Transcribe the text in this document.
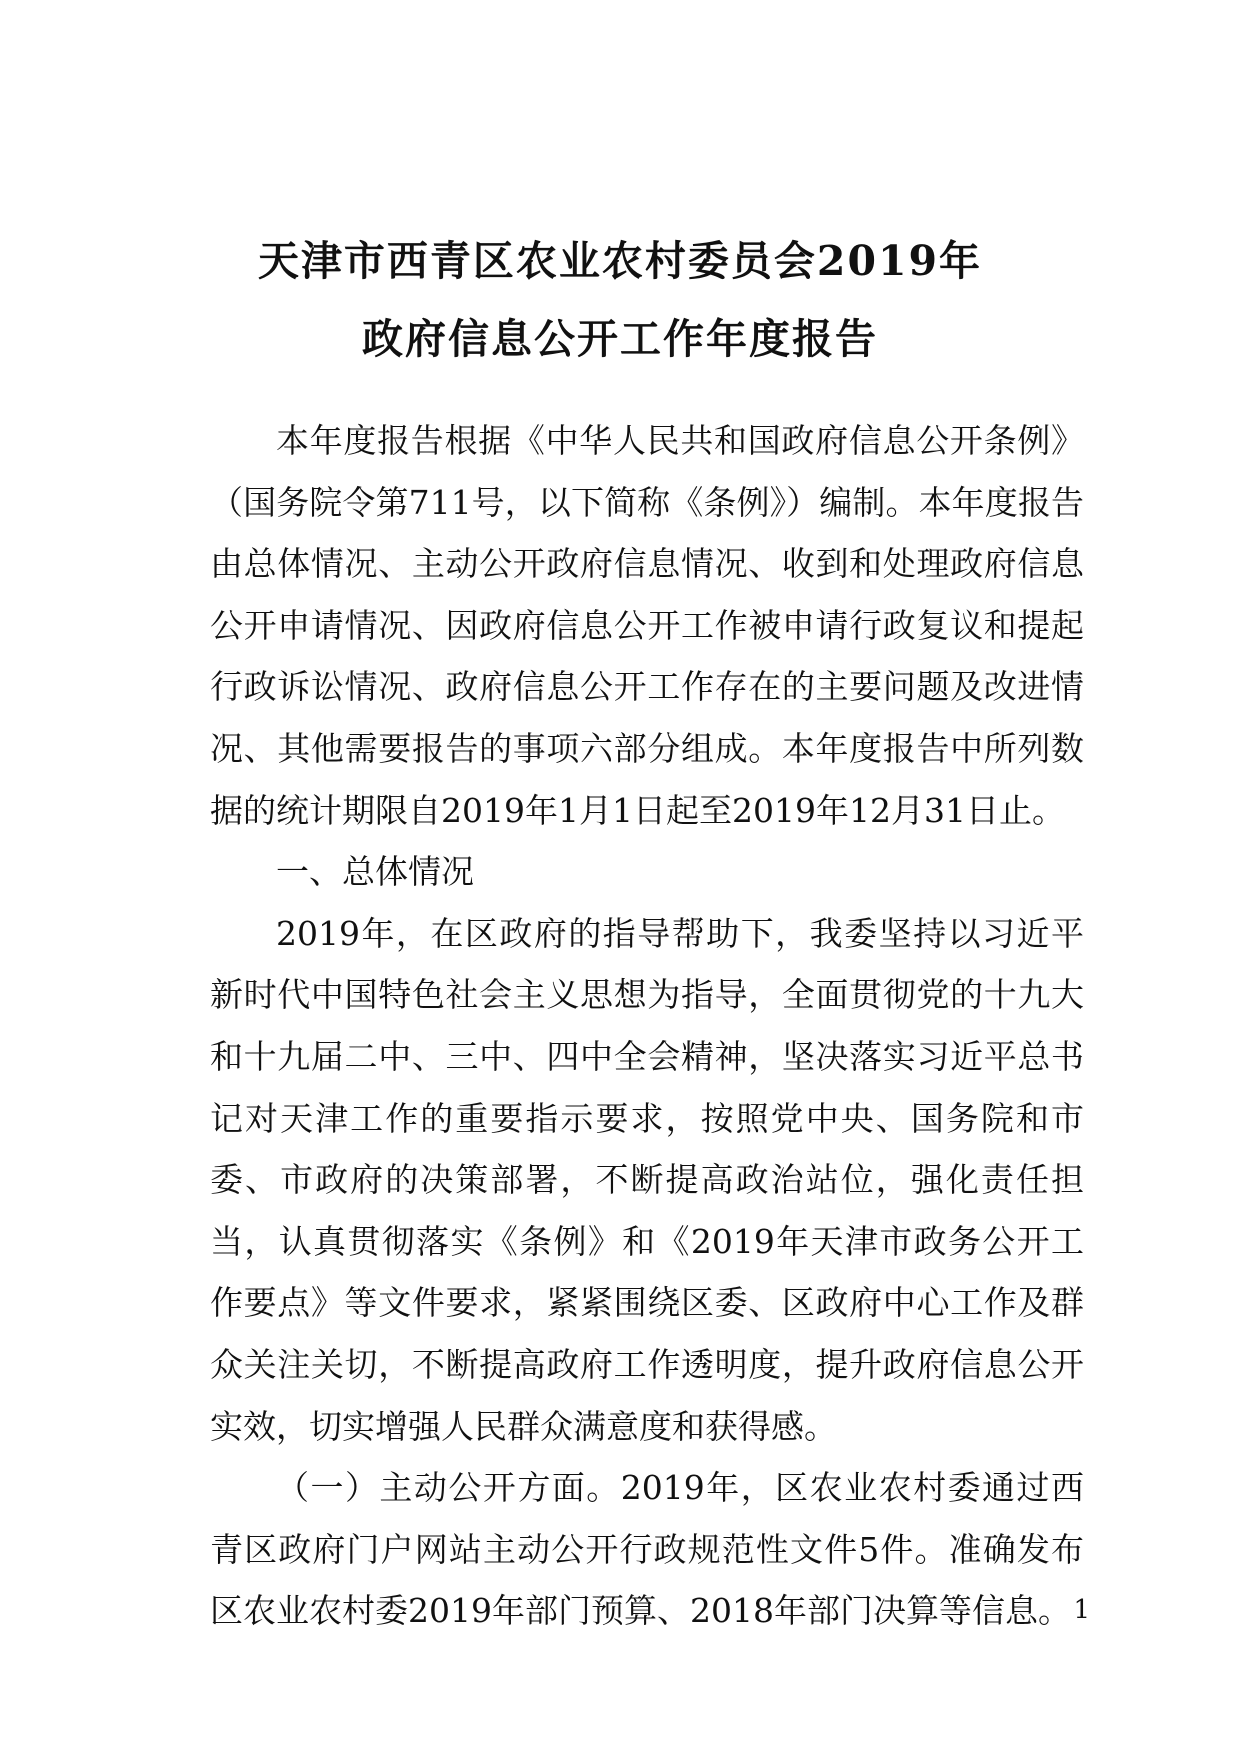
天津市西青区农业农村委员会2019年
政府信息公开工作年度报告

本年度报告根据《中华人民共和国政府信息公开条例》（国务院令第711号，以下简称《条例》）编制。本年度报告由总体情况、主动公开政府信息情况、收到和处理政府信息公开申请情况、因政府信息公开工作被申请行政复议和提起行政诉讼情况、政府信息公开工作存在的主要问题及改进情况、其他需要报告的事项六部分组成。本年度报告中所列数据的统计期限自2019年1月1日起至2019年12月31日止。

一、总体情况

2019年，在区政府的指导帮助下，我委坚持以习近平新时代中国特色社会主义思想为指导，全面贯彻党的十九大和十九届二中、三中、四中全会精神，坚决落实习近平总书记对天津工作的重要指示要求，按照党中央、国务院和市委、市政府的决策部署，不断提高政治站位，强化责任担当，认真贯彻落实《条例》和《2019年天津市政务公开工作要点》等文件要求，紧紧围绕区委、区政府中心工作及群众关注关切，不断提高政府工作透明度，提升政府信息公开实效，切实增强人民群众满意度和获得感。

（一）主动公开方面。2019年，区农业农村委通过西青区政府门户网站主动公开行政规范性文件5件。准确发布区农业农村委2019年部门预算、2018年部门决算等信息。 1
